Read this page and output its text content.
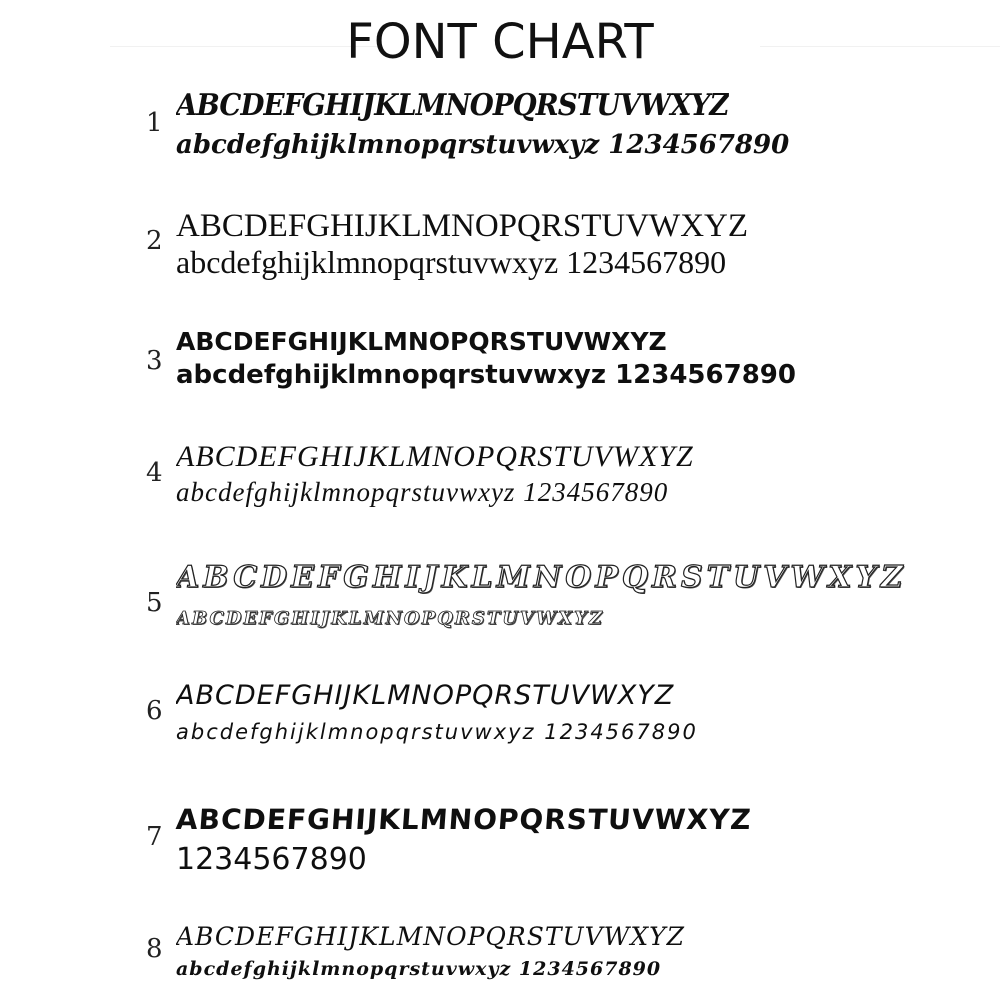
FONT CHART
1 ABCDEFGHIJKLMNOPQRSTUVWXYZ
abcdefghijklmnopqrstuvwxyz 1234567890
2 ABCDEFGHIJKLMNOPQRSTUVWXYZ
abcdefghijklmnopqrstuvwxyz 1234567890
3
ABCDEFGHIJKLMNOPQRSTUVWXYZ
abcdefghijklmnopqrstuvwxyz 1234567890
4 ABCDEFGHIJKLMNOPQRSTUVWXYZ
abcdefghijklmnopqrstuvwxyz 1234567890
5
ABCDEFGHIJKLMNOPQRSTUVWXYZ
ABCDEFGHIJKLMNOPQRSTUVWXYZ
6 ABCDEFGHIJKLMNOPQRSTUVWXYZ
abcdefghijklmnopqrstuvwxyz 1234567890
7
ABCDEFGHIJKLMNOPQRSTUVWXYZ
1234567890
8 ABCDEFGHIJKLMNOPQRSTUVWXYZ
abcdefghijklmnopqrstuvwxyz 1234567890
